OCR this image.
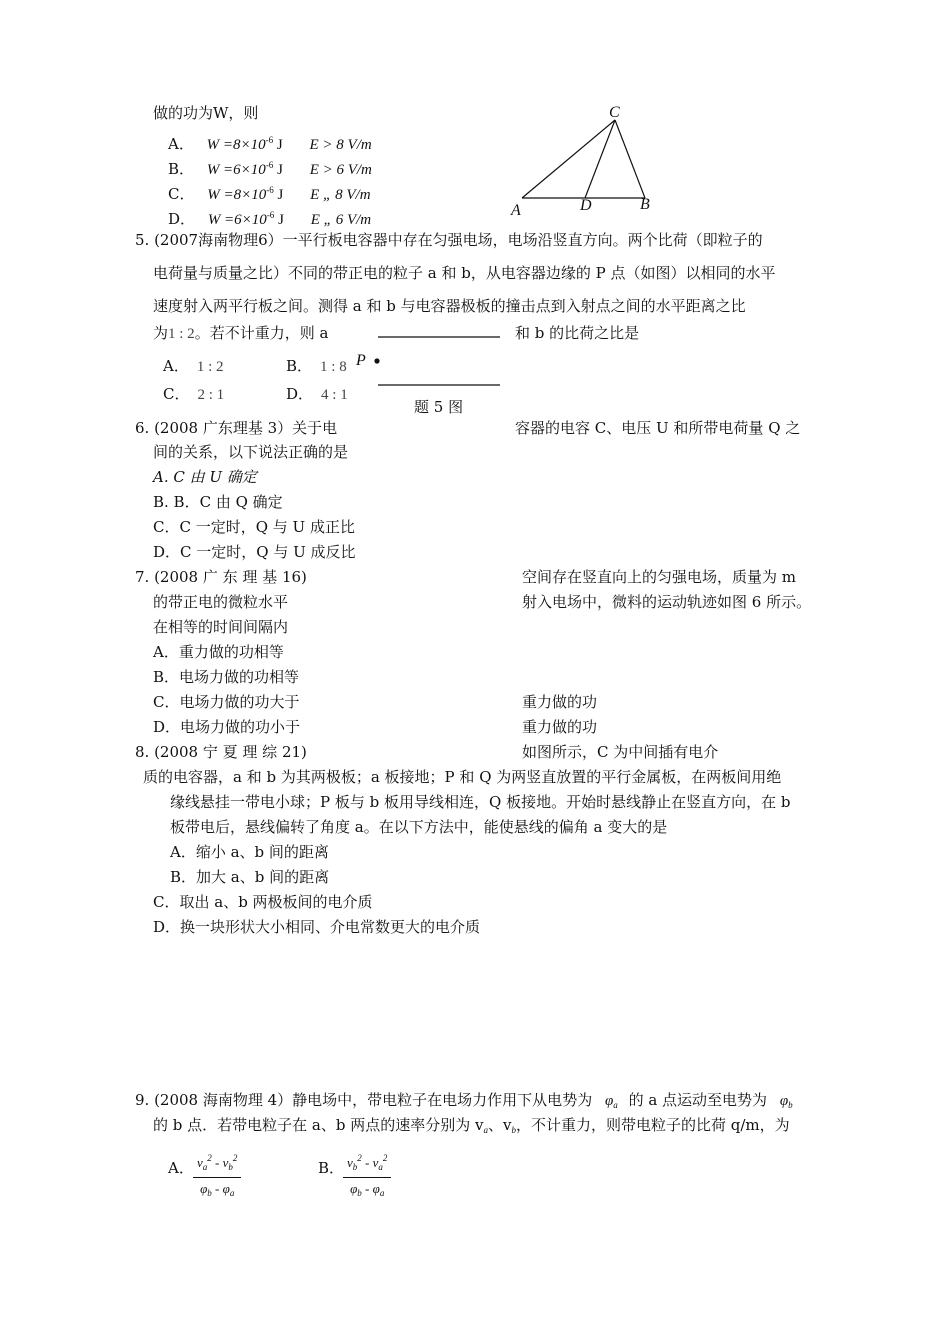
做的功为W，则
A． $W =8\times 10^{-6}$ J E > 8 V/m
B． $W =6\times 10^{-6}$ J E > 6 V/m
C． $W =8\times 10^{-6}$ J E „ 8 V/m
D． $W =6\times 10^{-6}$ J E „ 6 V/m
C
A	D	B
5. (2007海南物理6）一平行板电容器中存在匀强电场，电场沿竖直方向。两个比荷（即粒子的
电荷量与质量之比）不同的带正电的粒子 a 和 b，从电容器边缘的 P 点（如图）以相同的水平
速度射入两平行板之间。测得 a 和 b 与电容器极板的撞击点到入射点之间的水平距离之比
为1 : 2。若不计重力，则 a	和 b 的比荷之比是
P
题 5 图
A． 1 : 2	B． 1 : 8
C． 2 : 1	D． 4 : 1
6. (2008 广东理基 3）关于电	容器的电容 C、电压 U 和所带电荷量 Q 之
间的关系，以下说法正确的是
A. C 由 U 确定
B. B．C 由 Q 确定
C．C 一定时，Q 与 U 成正比
D．C 一定时，Q 与 U 成反比
7. (2008 广 东 理 基 16)	空间存在竖直向上的匀强电场，质量为 m
的带正电的微粒水平	射入电场中，微料的运动轨迹如图 6 所示。
在相等的时间间隔内
A．重力做的功相等
B．电场力做的功相等
C．电场力做的功大于	重力做的功
D．电场力做的功小于	重力做的功
8. (2008 宁 夏 理 综 21)	如图所示，C 为中间插有电介
质的电容器，a 和 b 为其两极板；a 板接地；P 和 Q 为两竖直放置的平行金属板，在两板间用绝
缘线悬挂一带电小球；P 板与 b 板用导线相连，Q 板接地。开始时悬线静止在竖直方向，在 b
板带电后，悬线偏转了角度 a。在以下方法中，能使悬线的偏角 a 变大的是
A．缩小 a、b 间的距离
B．加大 a、b 间的距离
C．取出 a、b 两极板间的电介质
D．换一块形状大小相同、介电常数更大的电介质
9. (2008 海南物理 4）静电场中，带电粒子在电场力作用下从电势为 $\varphi_a$ 的 a 点运动至电势为 $\varphi_b$
的 b 点．若带电粒子在 a、b 两点的速率分别为 $v_a$、$v_b$，不计重力，则带电粒子的比荷 q/m，为
A． $\frac{v_a^2 - v_b^2}{\varphi_b - \varphi_a}$	B．
$\frac{v_b^2 - v_a^2}{\varphi_b - \varphi_a}$
